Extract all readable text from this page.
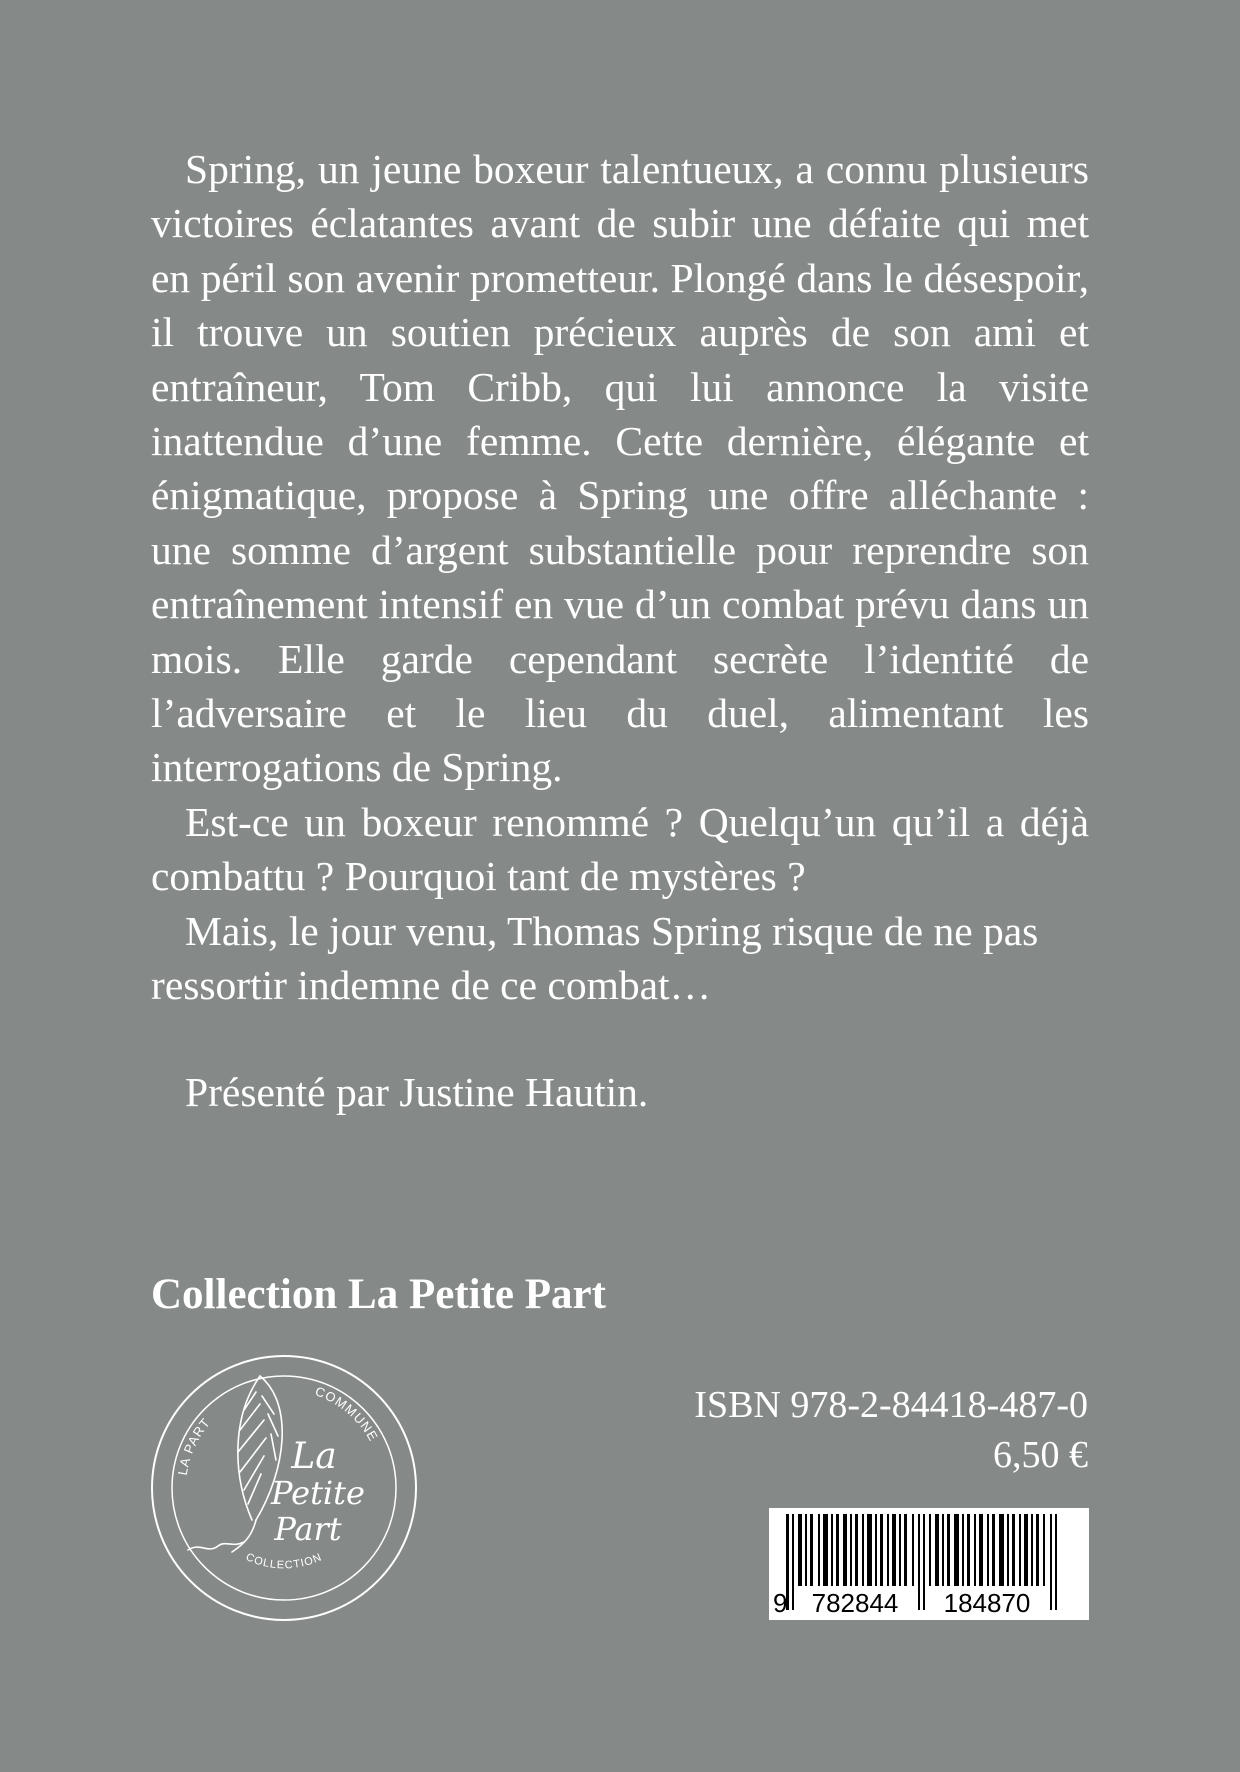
Spring, un jeune boxeur talentueux, a connu plusieurs victoires éclatantes avant de subir une défaite qui met en péril son avenir prometteur. Plongé dans le désespoir, il trouve un soutien précieux auprès de son ami et entraîneur, Tom Cribb, qui lui annonce la visite inattendue d’une femme. Cette dernière, élégante et énigmatique, propose à Spring une offre alléchante : une somme d’argent substantielle pour reprendre son entraînement intensif en vue d’un combat prévu dans un mois. Elle garde cependant secrète l’identité de l’adversaire et le lieu du duel, alimentant les interrogations de Spring.

Est-ce un boxeur renommé ? Quelqu’un qu’il a déjà combattu ? Pourquoi tant de mystères ?

Mais, le jour venu, Thomas Spring risque de ne pas ressortir indemne de ce combat…

Présenté par Justine Hautin.
Collection La Petite Part
LA PART
COMMUNE
COLLECTION
La
Petite
Part
ISBN 978-2-84418-487-0
6,50 €
9 782844 184870
